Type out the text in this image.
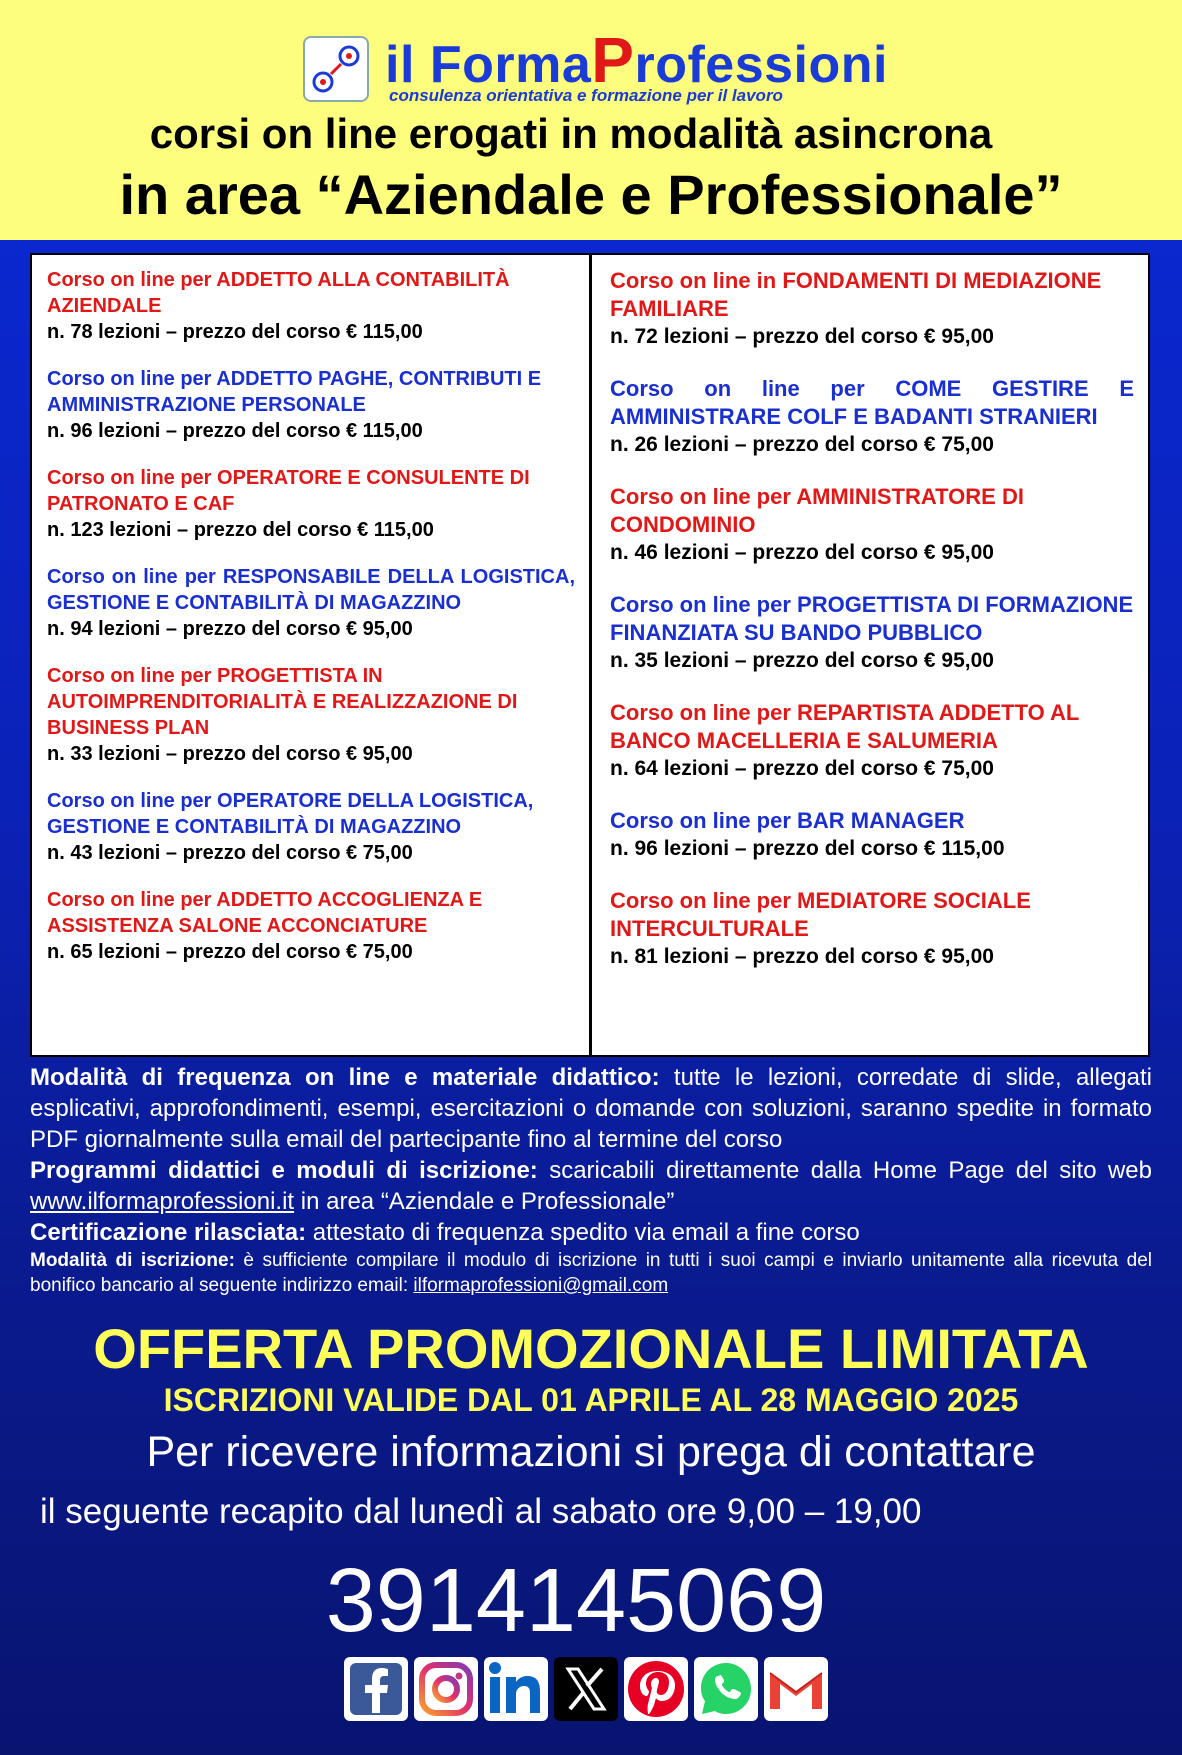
il FormaProfessioni
consulenza orientativa e formazione per il lavoro
corsi on line erogati in modalità asincrona
in area “Aziendale e Professionale”
Corso on line per ADDETTO ALLA CONTABILITÀ AZIENDALE
n. 78 lezioni – prezzo del corso € 115,00
Corso on line per ADDETTO PAGHE, CONTRIBUTI E AMMINISTRAZIONE PERSONALE
n. 96 lezioni – prezzo del corso € 115,00
Corso on line per OPERATORE E CONSULENTE DI PATRONATO E CAF
n. 123 lezioni – prezzo del corso € 115,00
Corso on line per RESPONSABILE DELLA LOGISTICA, GESTIONE E CONTABILITÀ DI MAGAZZINO
n. 94 lezioni – prezzo del corso € 95,00
Corso on line per PROGETTISTA IN AUTOIMPRENDITORIALITÀ E REALIZZAZIONE DI BUSINESS PLAN
n. 33 lezioni – prezzo del corso € 95,00
Corso on line per OPERATORE DELLA LOGISTICA, GESTIONE E CONTABILITÀ DI MAGAZZINO
n. 43 lezioni – prezzo del corso € 75,00
Corso on line per ADDETTO ACCOGLIENZA E ASSISTENZA SALONE ACCONCIATURE
n. 65 lezioni – prezzo del corso € 75,00
Corso on line in FONDAMENTI DI MEDIAZIONE FAMILIARE
n. 72 lezioni – prezzo del corso € 95,00
Corso on line per COME GESTIRE E AMMINISTRARE COLF E BADANTI STRANIERI
n. 26 lezioni – prezzo del corso € 75,00
Corso on line per AMMINISTRATORE DI CONDOMINIO
n. 46 lezioni – prezzo del corso € 95,00
Corso on line per PROGETTISTA DI FORMAZIONE FINANZIATA SU BANDO PUBBLICO
n. 35 lezioni – prezzo del corso € 95,00
Corso on line per REPARTISTA ADDETTO AL BANCO MACELLERIA E SALUMERIA
n. 64 lezioni – prezzo del corso € 75,00
Corso on line per BAR MANAGER
n. 96 lezioni – prezzo del corso € 115,00
Corso on line per MEDIATORE SOCIALE INTERCULTURALE
n. 81 lezioni – prezzo del corso € 95,00
Modalità di frequenza on line e materiale didattico: tutte le lezioni, corredate di slide, allegati esplicativi, approfondimenti, esempi, esercitazioni o domande con soluzioni, saranno spedite in formato PDF giornalmente sulla email del partecipante fino al termine del corso
Programmi didattici e moduli di iscrizione: scaricabili direttamente dalla Home Page del sito web www.ilformaprofessioni.it in area “Aziendale e Professionale”
Certificazione rilasciata: attestato di frequenza spedito via email a fine corso
Modalità di iscrizione: è sufficiente compilare il modulo di iscrizione in tutti i suoi campi e inviarlo unitamente alla ricevuta del bonifico bancario al seguente indirizzo email: ilformaprofessioni@gmail.com
OFFERTA PROMOZIONALE LIMITATA
ISCRIZIONI VALIDE DAL 01 APRILE AL 28 MAGGIO 2025
Per ricevere informazioni si prega di contattare
il seguente recapito dal lunedì al sabato ore 9,00 – 19,00
3914145069
